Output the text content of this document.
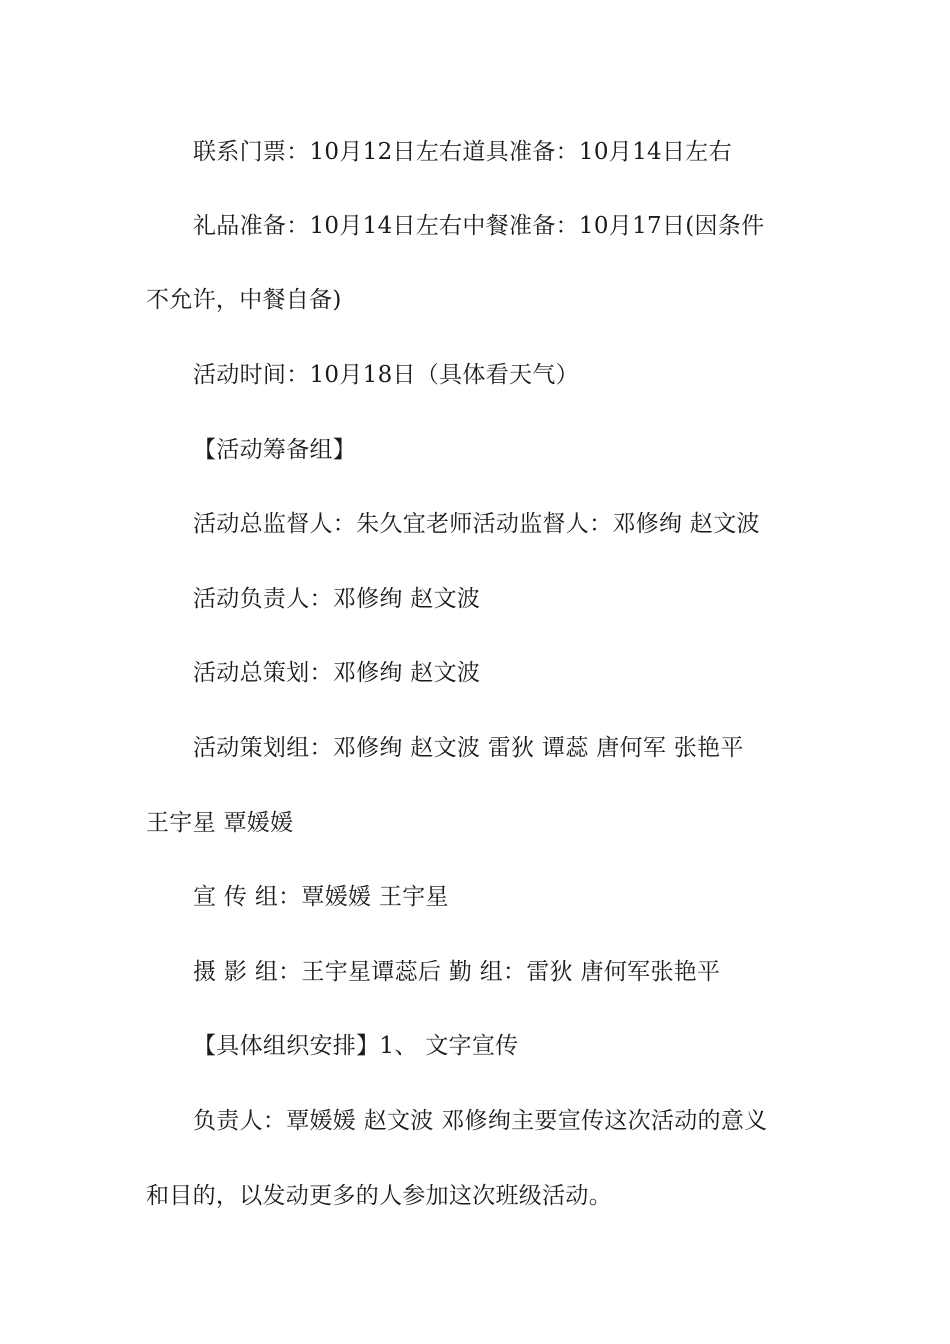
联系门票：10月12日左右道具准备：10月14日左右
礼品准备：10月14日左右中餐准备：10月17日(因条件
不允许，中餐自备)
活动时间：10月18日（具体看天气）
【活动筹备组】
活动总监督人：朱久宜老师活动监督人：邓修绚 赵文波
活动负责人：邓修绚 赵文波
活动总策划：邓修绚 赵文波
活动策划组：邓修绚 赵文波 雷狄 谭蕊 唐何军 张艳平
王宇星 覃媛媛
宣 传 组：覃媛媛 王宇星
摄 影 组：王宇星谭蕊后 勤 组：雷狄 唐何军张艳平
【具体组织安排】1、 文字宣传
负责人：覃媛媛 赵文波 邓修绚主要宣传这次活动的意义
和目的，以发动更多的人参加这次班级活动。
